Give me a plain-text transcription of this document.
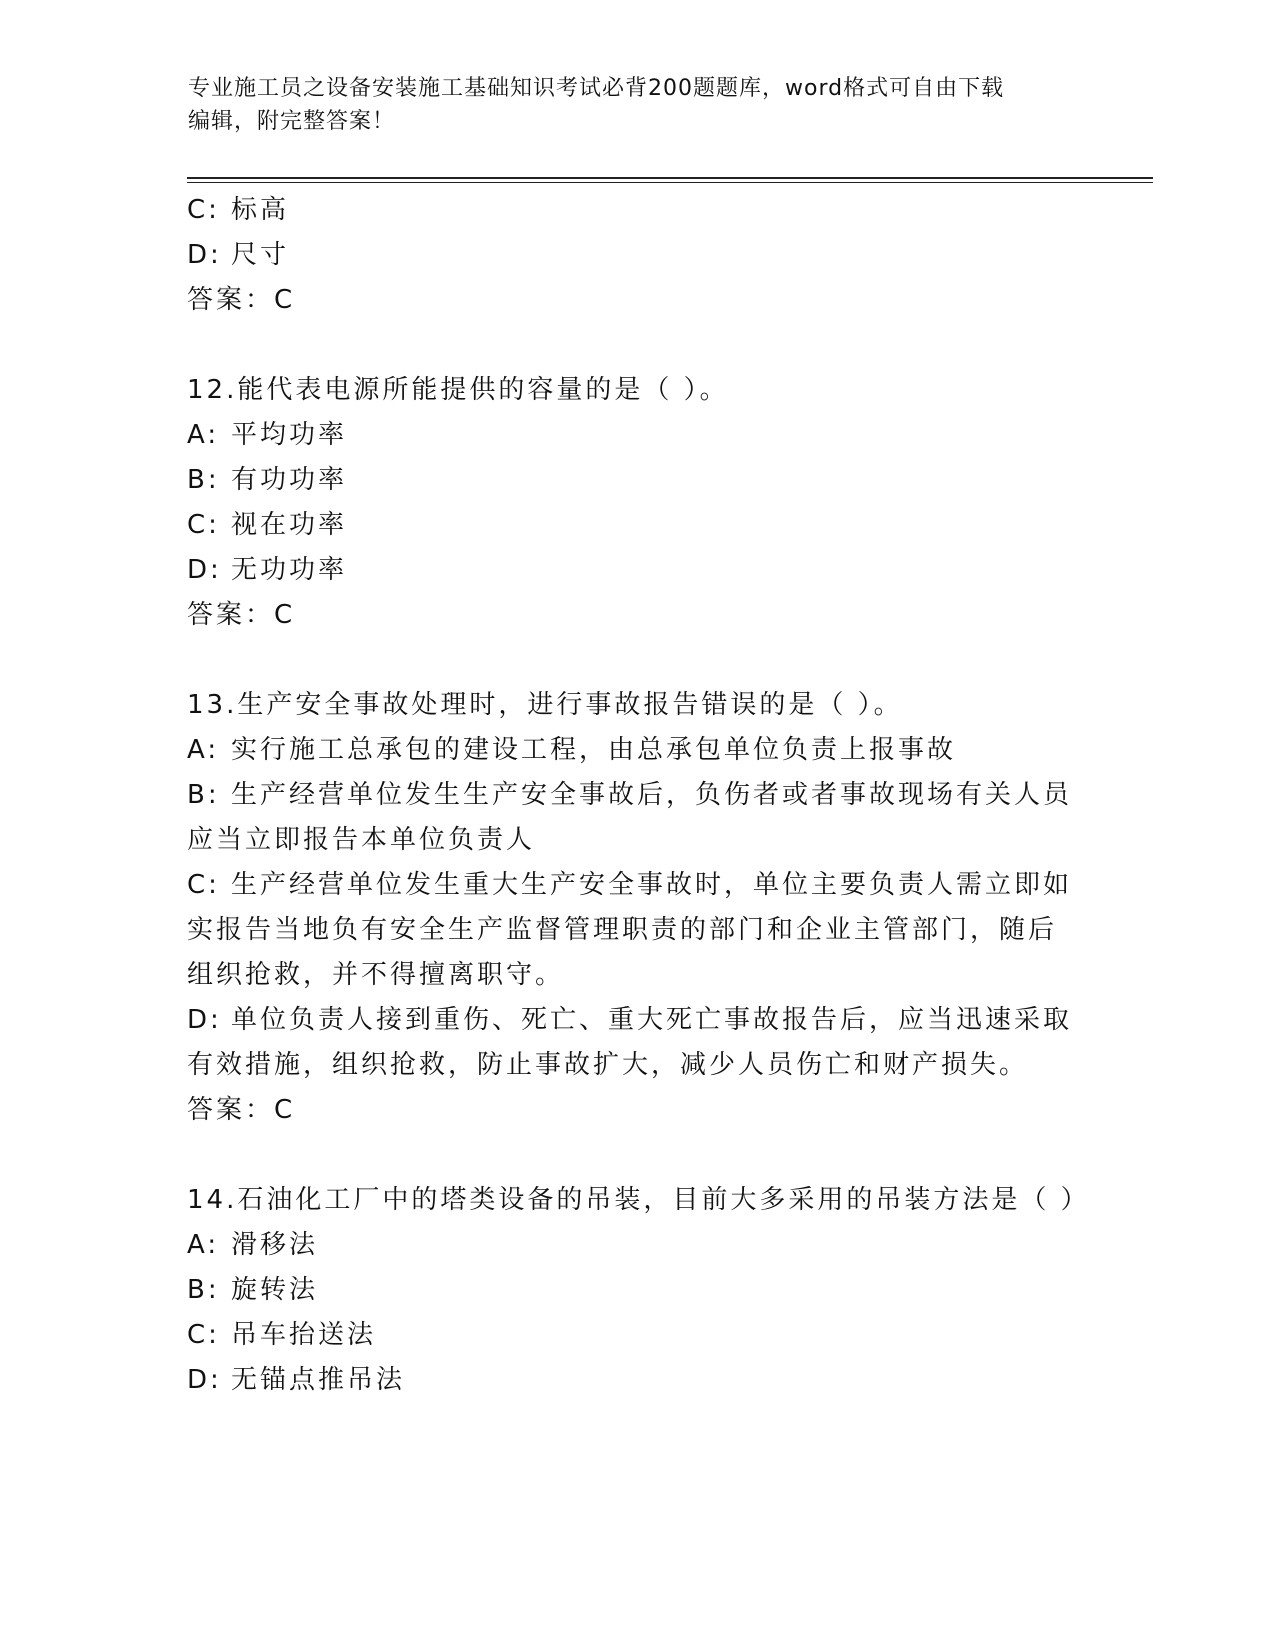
专业施工员之设备安装施工基础知识考试必背200题题库，word格式可自由下载
编辑，附完整答案！
C: 标高
D: 尺寸
答案：C
12.能代表电源所能提供的容量的是（ ）。
A: 平均功率
B: 有功功率
C: 视在功率
D: 无功功率
答案：C
13.生产安全事故处理时，进行事故报告错误的是（ ）。
A: 实行施工总承包的建设工程，由总承包单位负责上报事故
B: 生产经营单位发生生产安全事故后，负伤者或者事故现场有关人员应当立即报告本单位负责人
C: 生产经营单位发生重大生产安全事故时，单位主要负责人需立即如实报告当地负有安全生产监督管理职责的部门和企业主管部门，随后组织抢救，并不得擅离职守。
D: 单位负责人接到重伤、死亡、重大死亡事故报告后，应当迅速采取有效措施，组织抢救，防止事故扩大，减少人员伤亡和财产损失。
答案：C
14.石油化工厂中的塔类设备的吊装，目前大多采用的吊装方法是（ ）
A: 滑移法
B: 旋转法
C: 吊车抬送法
D: 无锚点推吊法
